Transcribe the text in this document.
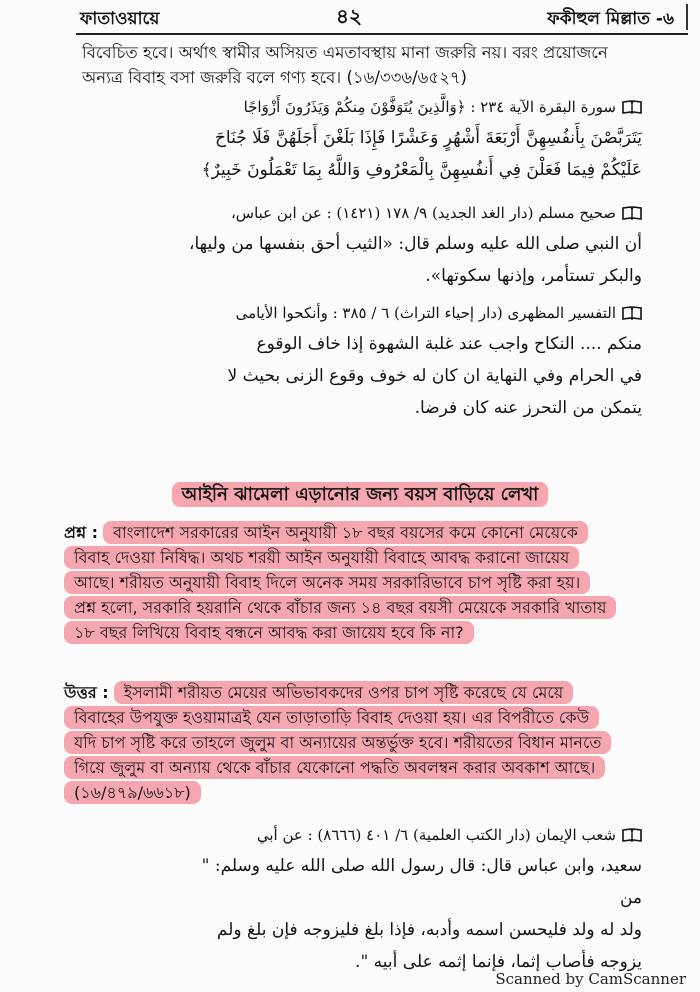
ফাতাওয়ায়ে	৪২	ফকীহুল মিল্লাত -৬

বিবেচিত হবে। অর্থাৎ স্বামীর অসিয়ত এমতাবস্থায় মানা জরুরি নয়। বরং প্রয়োজনে

অন্যত্র বিবাহ বসা জরুরি বলে গণ্য হবে। (১৬/৩৩৬/৬৫২৭)

سورة البقرة الآية ٢٣٤ : ﴿وَالَّذِينَ يُتَوَفَّوْنَ مِنكُمْ وَيَذَرُونَ أَزْوَاجًا

يَتَرَبَّصْنَ بِأَنفُسِهِنَّ أَرْبَعَةَ أَشْهُرٍ وَعَشْرًا فَإِذَا بَلَغْنَ أَجَلَهُنَّ فَلَا جُنَاحَ

عَلَيْكُمْ فِيمَا فَعَلْنَ فِي أَنفُسِهِنَّ بِالْمَعْرُوفِ وَاللَّهُ بِمَا تَعْمَلُونَ خَبِيرٌ﴾

صحيح مسلم (دار الغد الجديد) ٩/ ١٧٨ (١٤٢١) : عن ابن عباس،

أن النبي صلى الله عليه وسلم قال: «الثيب أحق بنفسها من وليها،

والبكر تستأمر، وإذنها سكوتها».

التفسير المظهرى (دار إحياء التراث) ٦ / ٣٨٥ : وأنكحوا الأيامى

منكم .... النكاح واجب عند غلبة الشهوة إذا خاف الوقوع

في الحرام وفي النهاية ان كان له خوف وقوع الزنى بحيث لا

يتمكن من التحرز عنه كان فرضا.

আইনি ঝামেলা এড়ানোর জন্য বয়স বাড়িয়ে লেখা

প্রশ্ন : বাংলাদেশ সরকারের আইন অনুযায়ী ১৮ বছর বয়সের কমে কোনো মেয়েকে

বিবাহ দেওয়া নিষিদ্ধ। অথচ শরয়ী আইন অনুযায়ী বিবাহে আবদ্ধ করানো জায়েয

আছে। শরীয়ত অনুযায়ী বিবাহ দিলে অনেক সময় সরকারিভাবে চাপ সৃষ্টি করা হয়।

প্রশ্ন হলো, সরকারি হয়রানি থেকে বাঁচার জন্য ১৪ বছর বয়সী মেয়েকে সরকারি খাতায়

১৮ বছর লিখিয়ে বিবাহ বন্ধনে আবদ্ধ করা জায়েয হবে কি না?

উত্তর : ইসলামী শরীয়ত মেয়ের অভিভাবকদের ওপর চাপ সৃষ্টি করেছে যে মেয়ে

বিবাহের উপযুক্ত হওয়ামাত্রই যেন তাড়াতাড়ি বিবাহ দেওয়া হয়। এর বিপরীতে কেউ

যদি চাপ সৃষ্টি করে তাহলে জুলুম বা অন্যায়ের অন্তর্ভুক্ত হবে। শরীয়তের বিধান মানতে

গিয়ে জুলুম বা অন্যায় থেকে বাঁচার যেকোনো পদ্ধতি অবলম্বন করার অবকাশ আছে।

(১৬/৪৭৯/৬৬১৮)

شعب الإيمان (دار الكتب العلمية) ٦/ ٤٠١ (٨٦٦٦) : عن أبي

سعيد، وابن عباس قال: قال رسول الله صلى الله عليه وسلم: " من

ولد له ولد فليحسن اسمه وأدبه، فإذا بلغ فليزوجه فإن بلغ ولم

يزوجه فأصاب إثما، فإنما إثمه على أبيه ".

Scanned by CamScanner
